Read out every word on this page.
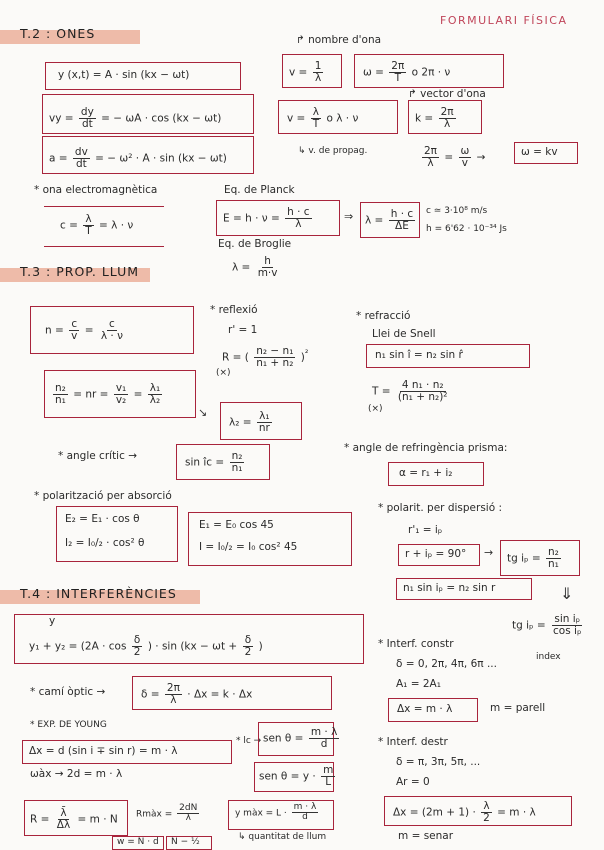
FORMULARI FÍSICA
T.2 : ONES
T.3 : PROP. LLUM
T.4 : INTERFERÈNCIES
y (x,t) = A · sin (kx − ωt)
vy = $\frac{dy}{dt}$ = − ωA · cos (kx − ωt)
$a = \frac{dv}{dt}$ = − ω² · A · sin (kx − ωt)
↱ nombre d'ona
$v = \frac{1}{\lambda}$	$\omega = \frac{2\pi}{T}$ o 2π · ν
↱ vector d'ona
$v = \frac{\lambda}{T}$ o λ · ν	$k = \frac{2\pi}{\lambda}$
↳ v. de propag.	$\frac{2\pi}{\lambda} = \frac{\omega}{v}$ →	ω = kv
* ona electromagnètica
$c = \frac{\lambda}{T} = \lambda \cdot \nu$
Eq. de Planck
$E = h \cdot \nu = \frac{h \cdot c}{\lambda}$	⇒ $\lambda = \frac{h \cdot c}{\Delta E}$ c ≃ 3·10⁸ m/s
h = 6'62 · 10⁻³⁴ Js
Eq. de Broglie
$\lambda = \frac{h}{m\cdot v}$
$n = \frac{c}{v} = \frac{c}{\lambda \cdot \nu}$
$\frac{\text{n₂}}{\text{n₁}}$ = nr = $\frac{\text{v₁}}{\text{v₂}} = \frac{\text{λ₁}}{\text{λ₂}}$
↘
$\lambda_2 = \frac{\text{λ₁}}{nr}$
* reflexió
r' = 1
R = ( $\frac{\text{n₂ − n₁}}{\text{n₁ + n₂}} )^{^2}$
(×)
* refracció
Llei de Snell
n₁ sin î = n₂ sin r̂
$T = \frac{\text{4 n₁ · n₂}}{\text{(n₁ + n₂)²}}$
(×)
* angle crític →
sin îc = $\frac{\text{n₂}}{\text{n₁}}$
* angle de refringència prisma:
α = r₁ + i₂
* polarització per absorció
E₂ = E₁ · cos θ
I₂ = I₀/₂ · cos² θ
E₁ = E₀ cos 45
I = I₀/₂ = I₀ cos² 45
* polarit. per dispersió :
r'₁ = iₚ
r + iₚ = 90° → tg $i_p = \frac{\text{n₂}}{\text{n₁}}$
n₁ sin iₚ = n₂ sin r	⇓
tg $i_p = \frac{\text{sin iₚ}}{\text{cos iₚ}}$
index
y
$y_1 + y_2 = (2A \cdot \cos \frac{\delta}{2}$ ) · $\sin (kx - \omega t + \frac{\delta}{2}$ )
* camí òptic →	$\delta = \frac{2\pi}{\lambda} \cdot \Delta x = k \cdot \Delta x$
* EXP. DE YOUNG
Δx = d (sin i ∓ sin r) = m · λ
ωàx → 2d = m · λ
* lc → sen $\theta = \frac{m \cdot \lambda}{d}$
sen $\theta = y \cdot \frac{m}{L}$
$R = \frac{\lambdā}{\Delta\lambda} = m \cdot N$ Rmàx = $\frac{2dN}{\lambda}$	y màx = $L \cdot \frac{m \cdot \lambda}{d}$
↳ quantitat de llum
w = N · d N − ½
* Interf. constr
δ = 0, 2π, 4π, 6π ...
A₁ = 2A₁
Δx = m · λ	m = parell
* Interf. destr
δ = π, 3π, 5π, ...
Ar = 0
$\Delta x = (2m + 1) \cdot \frac{\lambda}{2} = m \cdot \lambda$
m = senar
